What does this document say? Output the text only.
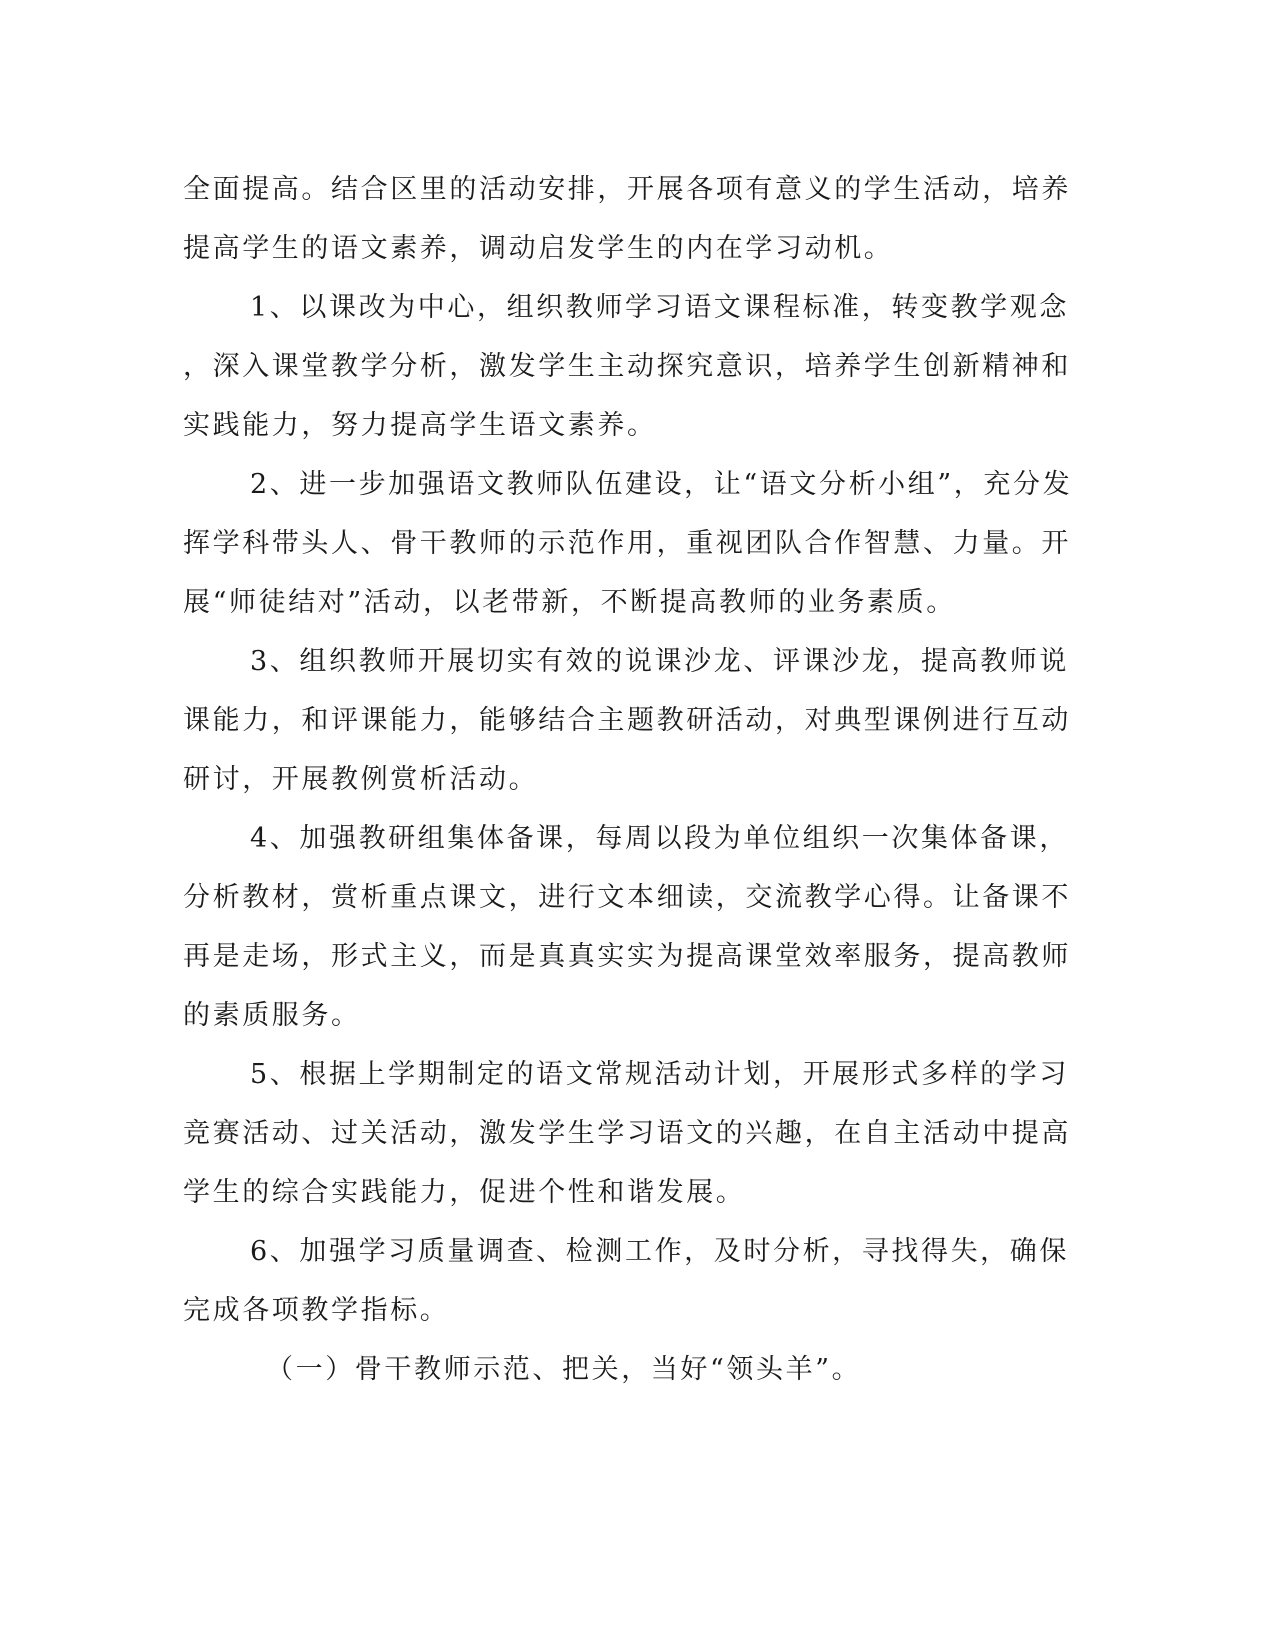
全面提高。结合区里的活动安排，开展各项有意义的学生活动，培养
提高学生的语文素养，调动启发学生的内在学习动机。
1、以课改为中心，组织教师学习语文课程标准，转变教学观念
，深入课堂教学分析，激发学生主动探究意识，培养学生创新精神和
实践能力，努力提高学生语文素养。
2、进一步加强语文教师队伍建设，让“语文分析小组”，充分发
挥学科带头人、骨干教师的示范作用，重视团队合作智慧、力量。开
展“师徒结对”活动，以老带新，不断提高教师的业务素质。
3、组织教师开展切实有效的说课沙龙、评课沙龙，提高教师说
课能力，和评课能力，能够结合主题教研活动，对典型课例进行互动
研讨，开展教例赏析活动。
4、加强教研组集体备课，每周以段为单位组织一次集体备课，
分析教材，赏析重点课文，进行文本细读，交流教学心得。让备课不
再是走场，形式主义，而是真真实实为提高课堂效率服务，提高教师
的素质服务。
5、根据上学期制定的语文常规活动计划，开展形式多样的学习
竞赛活动、过关活动，激发学生学习语文的兴趣，在自主活动中提高
学生的综合实践能力，促进个性和谐发展。
6、加强学习质量调查、检测工作，及时分析，寻找得失，确保
完成各项教学指标。
（一）骨干教师示范、把关，当好“领头羊”。
